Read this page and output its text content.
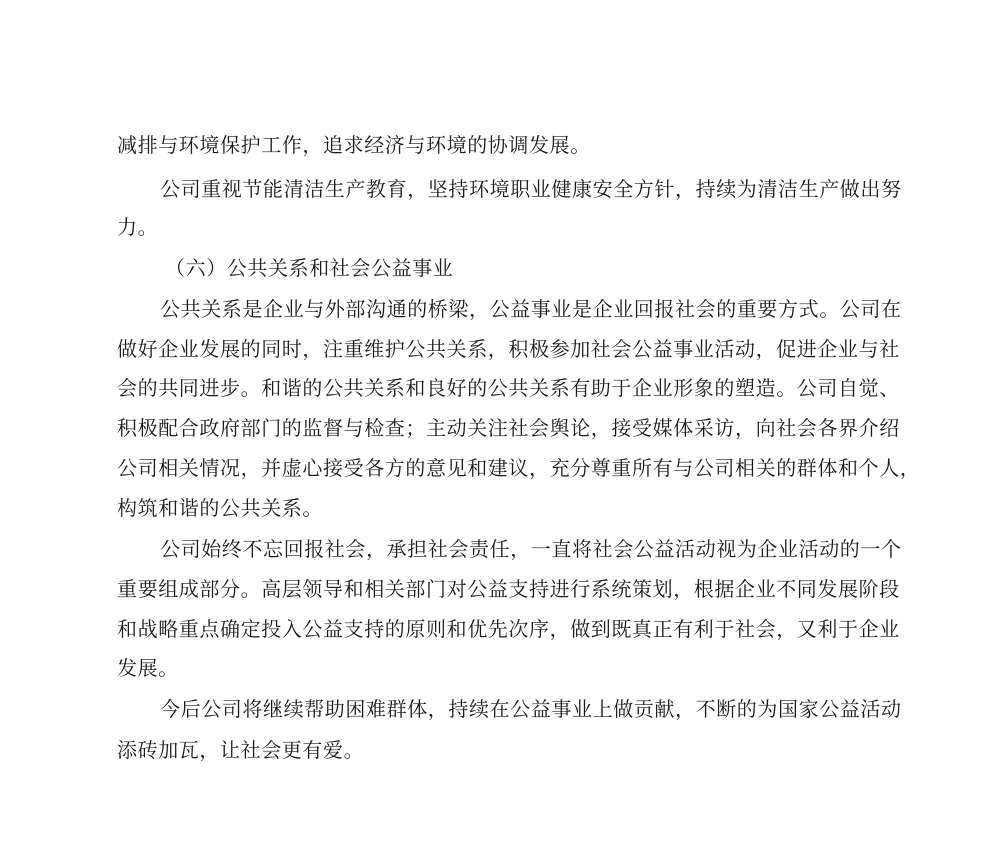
减排与环境保护工作，追求经济与环境的协调发展。
公司重视节能清洁生产教育，坚持环境职业健康安全方针，持续为清洁生产做出努
力。
（六）公共关系和社会公益事业
公共关系是企业与外部沟通的桥梁，公益事业是企业回报社会的重要方式。公司在
做好企业发展的同时，注重维护公共关系，积极参加社会公益事业活动，促进企业与社
会的共同进步。和谐的公共关系和良好的公共关系有助于企业形象的塑造。公司自觉、
积极配合政府部门的监督与检查；主动关注社会舆论，接受媒体采访，向社会各界介绍
公司相关情况，并虚心接受各方的意见和建议，充分尊重所有与公司相关的群体和个人，
构筑和谐的公共关系。
公司始终不忘回报社会，承担社会责任，一直将社会公益活动视为企业活动的一个
重要组成部分。高层领导和相关部门对公益支持进行系统策划，根据企业不同发展阶段
和战略重点确定投入公益支持的原则和优先次序，做到既真正有利于社会，又利于企业
发展。
今后公司将继续帮助困难群体，持续在公益事业上做贡献，不断的为国家公益活动
添砖加瓦，让社会更有爱。
